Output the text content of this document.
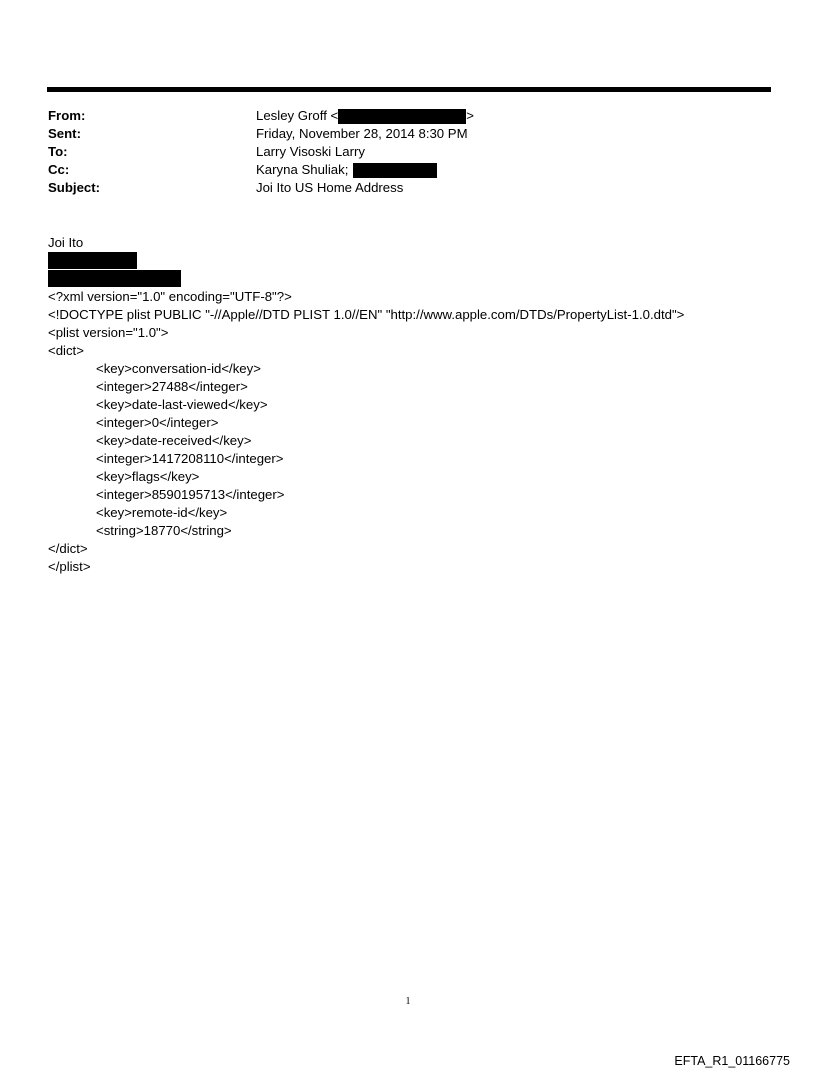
From:	Lesley Groff <	>
Sent:	Friday, November 28, 2014 8:30 PM
To:	Larry Visoski Larry
Cc:	Karyna Shuliak;
Subject:	Joi Ito US Home Address
Joi Ito
<?xml version="1.0" encoding="UTF-8"?>
<!DOCTYPE plist PUBLIC "-//Apple//DTD PLIST 1.0//EN" "http://www.apple.com/DTDs/PropertyList-1.0.dtd">
<plist version="1.0">
<dict>
<key>conversation-id</key>
<integer>27488</integer>
<key>date-last-viewed</key>
<integer>0</integer>
<key>date-received</key>
<integer>1417208110</integer>
<key>flags</key>
<integer>8590195713</integer>
<key>remote-id</key>
<string>18770</string>
</dict>
</plist>
1
EFTA_R1_01166775
